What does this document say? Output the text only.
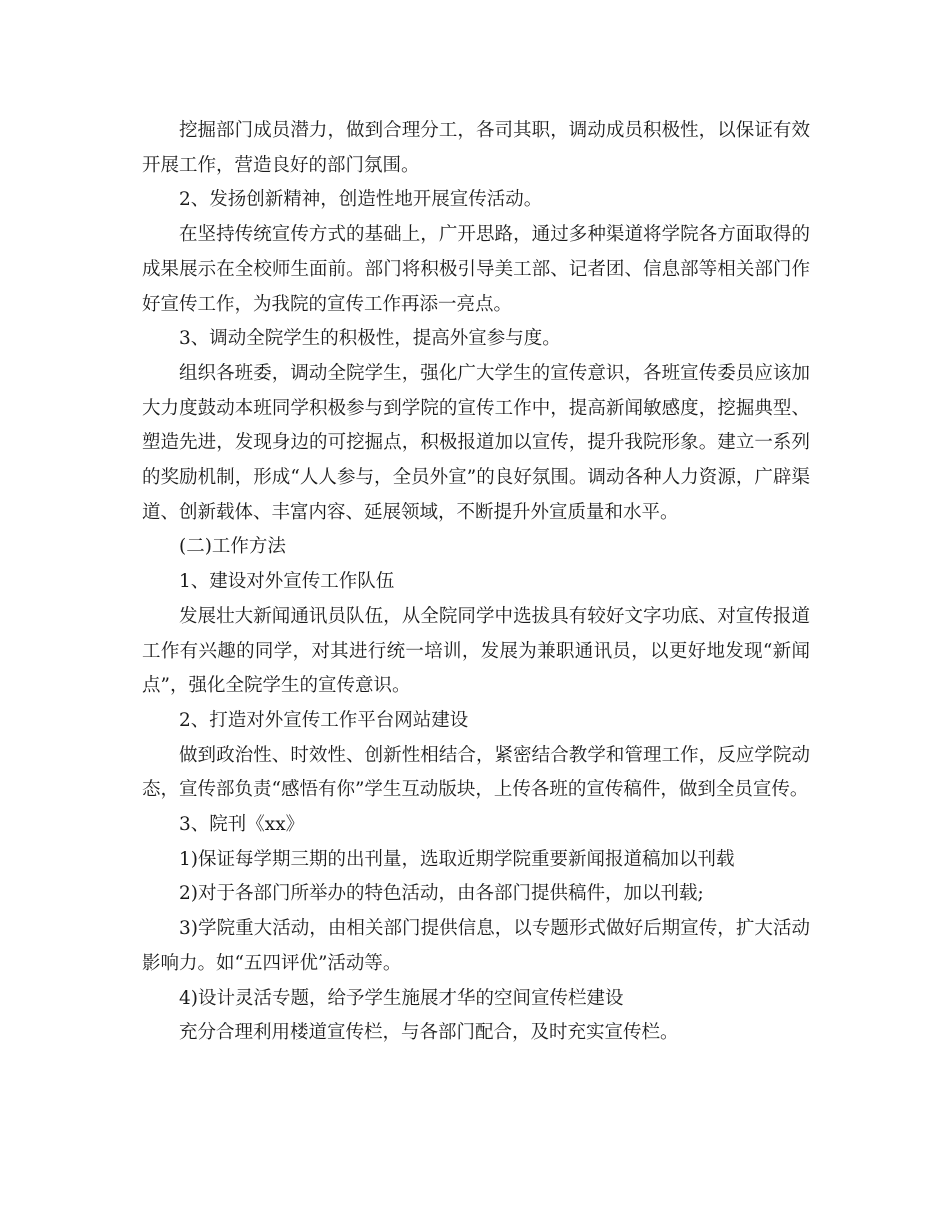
挖掘部门成员潜力，做到合理分工，各司其职，调动成员积极性，以保证有效开展工作，营造良好的部门氛围。

2、发扬创新精神，创造性地开展宣传活动。

在坚持传统宣传方式的基础上，广开思路，通过多种渠道将学院各方面取得的成果展示在全校师生面前。部门将积极引导美工部、记者团、信息部等相关部门作好宣传工作，为我院的宣传工作再添一亮点。

3、调动全院学生的积极性，提高外宣参与度。

组织各班委，调动全院学生，强化广大学生的宣传意识，各班宣传委员应该加大力度鼓动本班同学积极参与到学院的宣传工作中，提高新闻敏感度，挖掘典型、塑造先进，发现身边的可挖掘点，积极报道加以宣传，提升我院形象。建立一系列的奖励机制，形成“人人参与，全员外宣”的良好氛围。调动各种人力资源，广辟渠道、创新载体、丰富内容、延展领域，不断提升外宣质量和水平。

(二)工作方法

1、建设对外宣传工作队伍

发展壮大新闻通讯员队伍，从全院同学中选拔具有较好文字功底、对宣传报道工作有兴趣的同学，对其进行统一培训，发展为兼职通讯员，以更好地发现“新闻点”，强化全院学生的宣传意识。

2、打造对外宣传工作平台网站建设

做到政治性、时效性、创新性相结合，紧密结合教学和管理工作，反应学院动态，宣传部负责“感悟有你”学生互动版块，上传各班的宣传稿件，做到全员宣传。

3、院刊《xx》

1)保证每学期三期的出刊量，选取近期学院重要新闻报道稿加以刊载

2)对于各部门所举办的特色活动，由各部门提供稿件，加以刊载;

3)学院重大活动，由相关部门提供信息，以专题形式做好后期宣传，扩大活动影响力。如“五四评优”活动等。

4)设计灵活专题，给予学生施展才华的空间宣传栏建设

充分合理利用楼道宣传栏，与各部门配合，及时充实宣传栏。
